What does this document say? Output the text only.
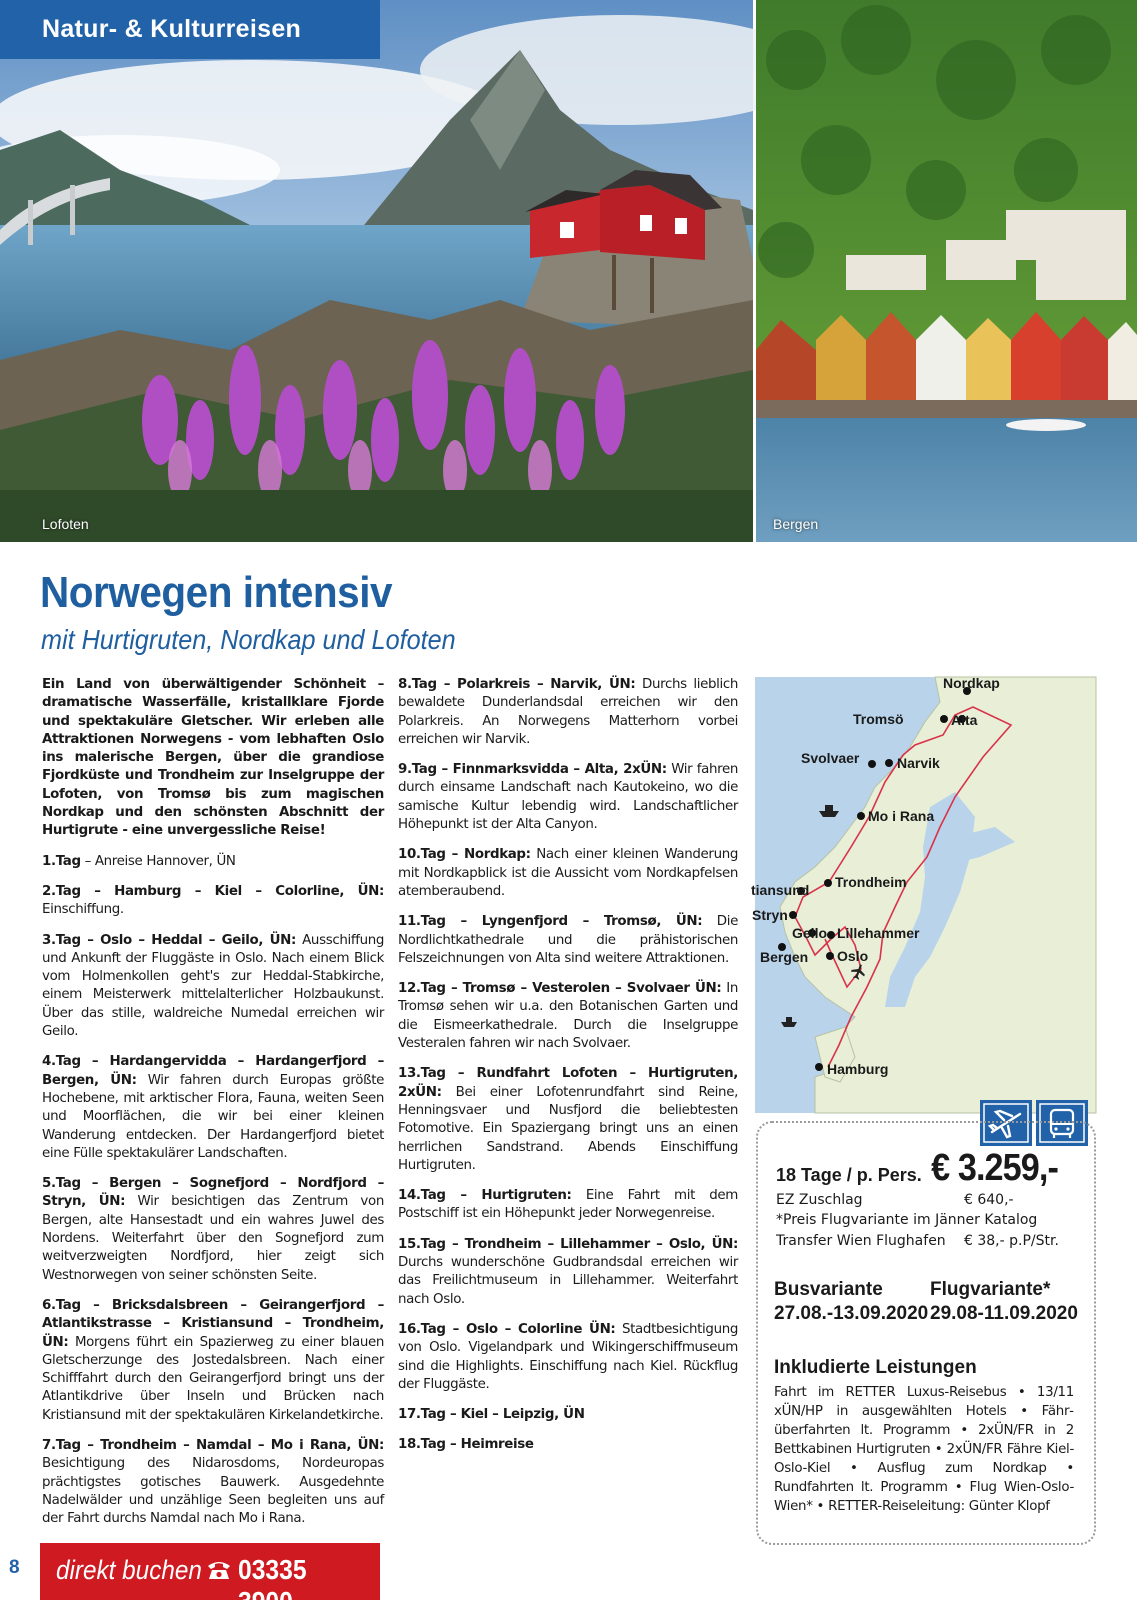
Lofoten	Bergen
Natur- & Kulturreisen
Norwegen intensiv
mit Hurtigruten, Nordkap und Lofoten

Ein Land von überwältigender Schönheit – dramatische Wasserfälle, kristallklare Fjorde und spektakuläre Gletscher. Wir erleben alle Attraktionen Norwegens - vom lebhaften Oslo ins malerische Bergen, über die grandiose Fjordküste und Trondheim zur Inselgruppe der Lofoten, von Tromsø bis zum magischen Nordkap und den schönsten Abschnitt der Hurtigrute - eine unvergessliche Reise!

1.Tag – Anreise Hannover, ÜN

2.Tag – Hamburg – Kiel – Colorline, ÜN: Einschiffung.

3.Tag – Oslo – Heddal – Geilo, ÜN: Ausschiffung und Ankunft der Fluggäste in Oslo. Nach einem Blick vom Holmenkollen geht's zur Heddal-Stabkirche, einem Meisterwerk mittelalterlicher Holzbaukunst. Über das stille, waldreiche Numedal erreichen wir Geilo.

4.Tag – Hardangervidda – Hardangerfjord – Bergen, ÜN: Wir fahren durch Europas größte Hochebene, mit arktischer Flora, Fauna, weiten Seen und Moorflächen, die wir bei einer kleinen Wanderung entdecken. Der Hardangerfjord bietet eine Fülle spektakulärer Landschaften.

5.Tag – Bergen – Sognefjord – Nordfjord – Stryn, ÜN: Wir besichtigen das Zentrum von Bergen, alte Hansestadt und ein wahres Juwel des Nordens. Weiterfahrt über den Sognefjord zum weitverzweigten Nordfjord, hier zeigt sich Westnorwegen von seiner schönsten Seite.

6.Tag – Bricksdalsbreen – Geirangerfjord – Atlantikstrasse – Kristiansund – Trondheim, ÜN: Morgens führt ein Spazierweg zu einer blauen Gletscherzunge des Jostedalsbreen. Nach einer Schifffahrt durch den Geirangerfjord bringt uns der Atlantikdrive über Inseln und Brücken nach Kristiansund mit der spektakulären Kirkelandetkirche.

7.Tag – Trondheim – Namdal – Mo i Rana, ÜN: Besichtigung des Nidarosdoms, Nordeuropas prächtigstes gotisches Bauwerk. Ausgedehnte Nadelwälder und unzählige Seen begleiten uns auf der Fahrt durchs Namdal nach Mo i Rana.

8.Tag – Polarkreis – Narvik, ÜN: Durchs lieblich bewaldete Dunderlandsdal erreichen wir den Polarkreis. An Norwegens Matterhorn vorbei erreichen wir Narvik.

9.Tag – Finnmarksvidda – Alta, 2xÜN: Wir fahren durch einsame Landschaft nach Kautokeino, wo die samische Kultur lebendig wird. Landschaftlicher Höhepunkt ist der Alta Canyon.

10.Tag – Nordkap: Nach einer kleinen Wanderung mit Nordkapblick ist die Aussicht vom Nordkapfelsen atemberaubend.

11.Tag – Lyngenfjord – Tromsø, ÜN: Die Nordlichtkathedrale und die prähistorischen Felszeichnungen von Alta sind weitere Attraktionen.

12.Tag – Tromsø – Vesterolen – Svolvaer ÜN: In Tromsø sehen wir u.a. den Botanischen Garten und die Eismeerkathedrale. Durch die Inselgruppe Vesteralen fahren wir nach Svolvaer.

13.Tag – Rundfahrt Lofoten – Hurtigruten, 2xÜN: Bei einer Lofotenrundfahrt sind Reine, Henningsvaer und Nusfjord die beliebtesten Fotomotive. Ein Spaziergang bringt uns an einen herrlichen Sandstrand. Abends Einschiffung Hurtigruten.

14.Tag – Hurtigruten: Eine Fahrt mit dem Postschiff ist ein Höhepunkt jeder Norwegenreise.

15.Tag – Trondheim – Lillehammer – Oslo, ÜN: Durchs wunderschöne Gudbrandsdal erreichen wir das Freilichtmuseum in Lillehammer. Weiterfahrt nach Oslo.

16.Tag – Oslo – Colorline ÜN: Stadtbesichtigung von Oslo. Vigelandpark und Wikingerschiffmuseum sind die Highlights. Einschiffung nach Kiel. Rückflug der Fluggäste.

17.Tag – Kiel – Leipzig, ÜN

18.Tag – Heimreise

Nordkap
Tromsö	Alta
Svolvaer	Narvik
Mo i Rana
Trondheim
tiansund
Stryn
Geilo Lillehammer
Bergen Oslo
Hamburg
18 Tage / p. Pers. € 3.259,-
EZ Zuschlag	€ 640,-
*Preis Flugvariante im Jänner Katalog
Transfer Wien Flughafen € 38,- p.P/Str.
Busvariante Flugvariante*
27.08.-13.09.2020 29.08-11.09.2020
Inkludierte Leistungen
Fahrt im RETTER Luxus-Reisebus • 13/11 xÜN/HP in ausgewählten Hotels • Fährüberfahrten lt. Programm • 2xÜN/FR in 2 Bettkabinen Hurtigruten • 2xÜN/FR Fähre Kiel-Oslo-Kiel • Ausflug zum Nordkap • Rundfahrten lt. Programm • Flug Wien-Oslo-Wien* • RETTER-Reiseleitung: Günter Klopf
8 direkt buchen 03335 3900
